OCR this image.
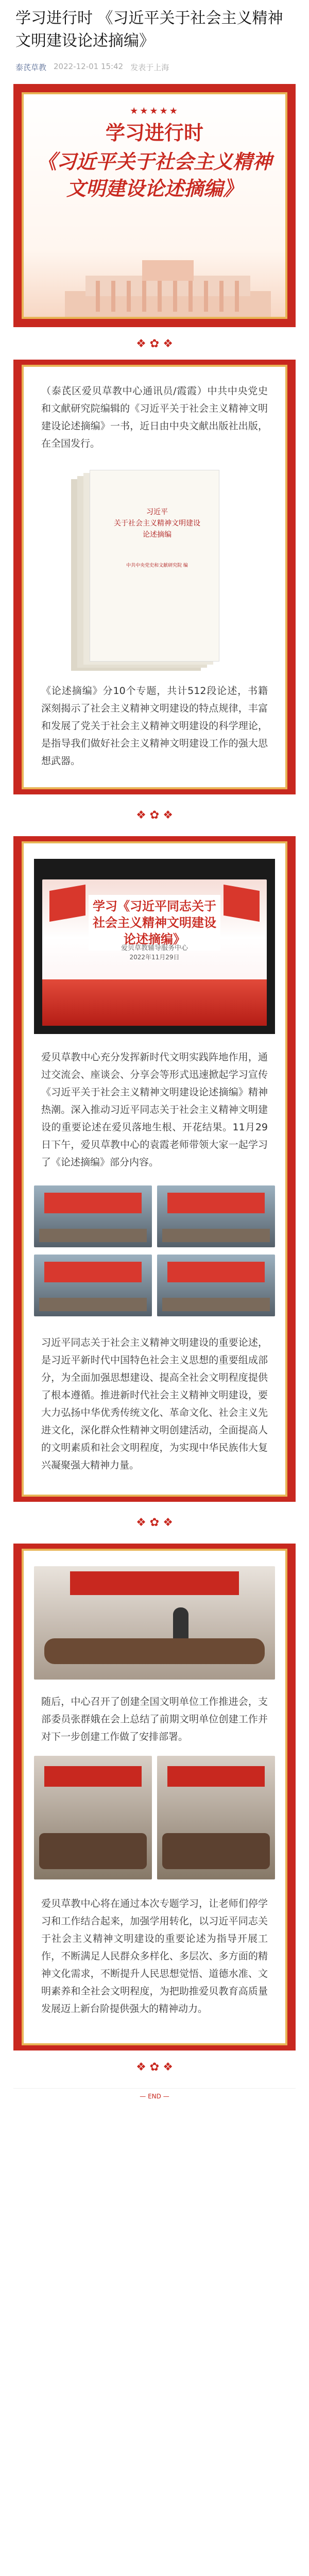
学习进行时 《习近平关于社会主义精神文明建设论述摘编》
泰芪草教 2022-12-01 15:42 发表于上海
★★★★★
学习进行时
《习近平关于社会主义精神文明建设论述摘编》
❖ ✿ ❖

（泰芪区爱贝草教中心通讯员/霞霞）中共中央党史和文献研究院编辑的《习近平关于社会主义精神文明建设论述摘编》一书，近日由中央文献出版社出版，在全国发行。

习近平
关于社会主义精神文明建设
论述摘编
中共中央党史和文献研究院 编

《论述摘编》分10个专题，共计512段论述，书籍深刻揭示了社会主义精神文明建设的特点规律，丰富和发展了党关于社会主义精神文明建设的科学理论，是指导我们做好社会主义精神文明建设工作的强大思想武器。

❖ ✿ ❖
学习《习近平同志关于社会主义精神文明建设论述摘编》
爱贝草教辅导服务中心
2022年11月29日

爱贝草教中心充分发挥新时代文明实践阵地作用，通过交流会、座谈会、分享会等形式迅速掀起学习宣传《习近平关于社会主义精神文明建设论述摘编》精神热潮。深入推动习近平同志关于社会主义精神文明建设的重要论述在爱贝落地生根、开花结果。11月29日下午，爱贝草教中心的袁霞老师带领大家一起学习了《论述摘编》部分内容。

习近平同志关于社会主义精神文明建设的重要论述，是习近平新时代中国特色社会主义思想的重要组成部分，为全面加强思想建设、提高全社会文明程度提供了根本遵循。推进新时代社会主义精神文明建设，要大力弘扬中华优秀传统文化、革命文化、社会主义先进文化，深化群众性精神文明创建活动，全面提高人的文明素质和社会文明程度，为实现中华民族伟大复兴凝聚强大精神力量。

❖ ✿ ❖

随后，中心召开了创建全国文明单位工作推进会，支部委员张群娥在会上总结了前期文明单位创建工作并对下一步创建工作做了安排部署。

爱贝草教中心将在通过本次专题学习，让老师们停学习和工作结合起来，加强学用转化，以习近平同志关于社会主义精神文明建设的重要论述为指导开展工作，不断满足人民群众多样化、多层次、多方面的精神文化需求，不断提升人民思想觉悟、道德水准、文明素养和全社会文明程度，为把助推爱贝教育高质量发展迈上新台阶提供强大的精神动力。

❖ ✿ ❖
— END —
